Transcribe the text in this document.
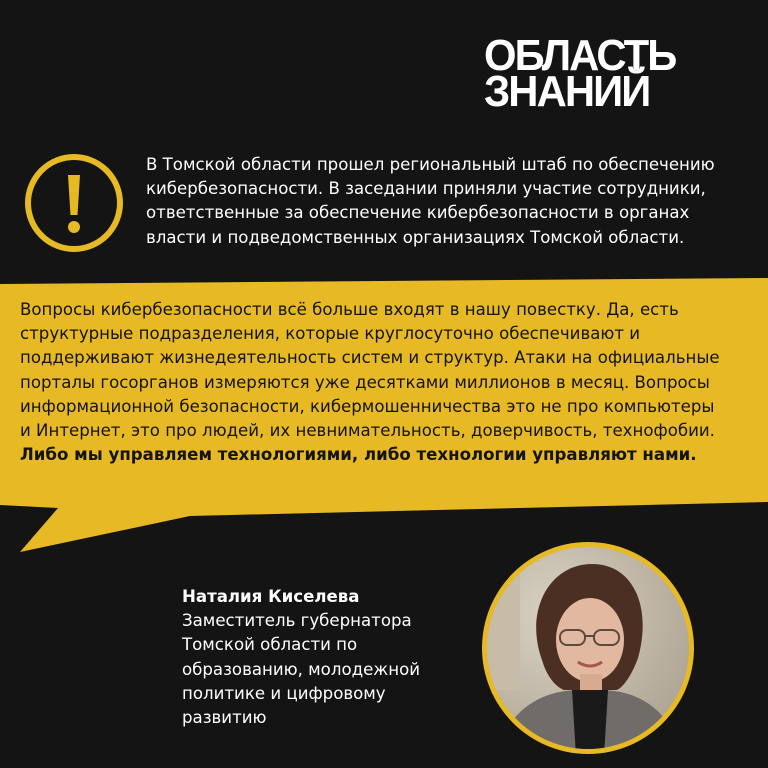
ОБЛАСТЬ
ЗНАНИЙ

В Томской области прошел региональный штаб по обеспечению кибербезопасности. В заседании приняли участие сотрудники, ответственные за обеспечение кибербезопасности в органах власти и подведомственных организациях Томской области.

Вопросы кибербезопасности всё больше входят в нашу повестку. Да, есть структурные подразделения, которые круглосуточно обеспечивают и поддерживают жизнедеятельность систем и структур. Атаки на официальные порталы госорганов измеряются уже десятками миллионов в месяц. Вопросы информационной безопасности, кибермошенничества это не про компьютеры и Интернет, это про людей, их невнимательность, доверчивость, технофобии. Либо мы управляем технологиями, либо технологии управляют нами.

Наталия Киселева
Заместитель губернатора Томской области по образованию, молодежной политике и цифровому развитию
